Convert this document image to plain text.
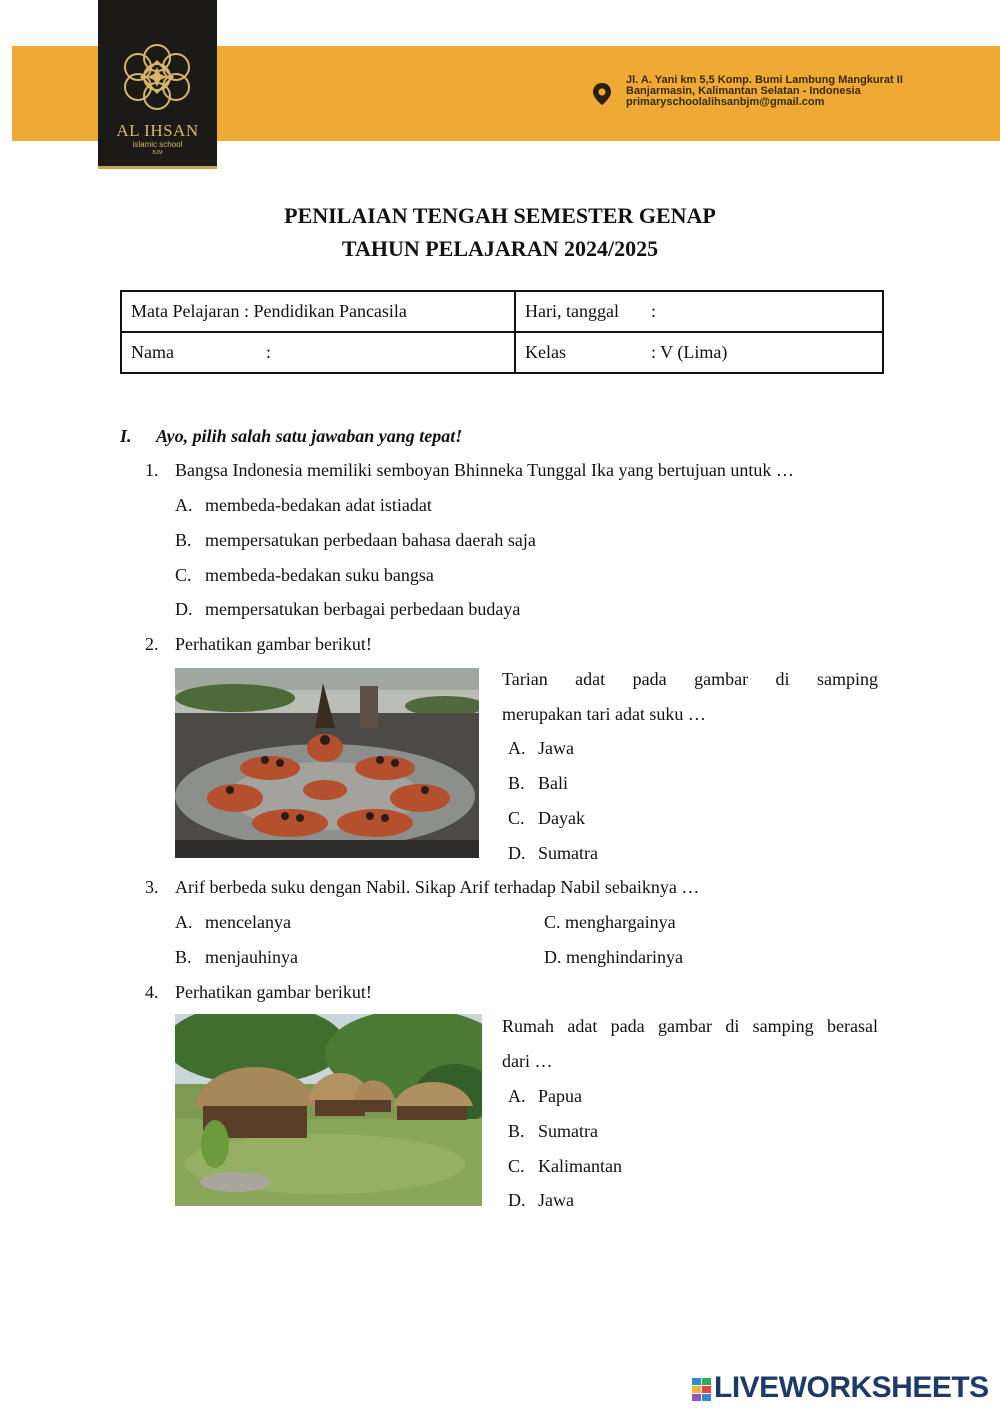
AL IHSAN
islamic school
BJM
Jl. A. Yani km 5,5 Komp. Bumi Lambung Mangkurat II
Banjarmasin, Kalimantan Selatan - Indonesia
primaryschoolalihsanbjm@gmail.com
PENILAIAN TENGAH SEMESTER GENAP
TAHUN PELAJARAN 2024/2025
Mata Pelajaran : Pendidikan Pancasila	Hari, tanggal :
Nama :	Kelas : V (Lima)
I. Ayo, pilih salah satu jawaban yang tepat!
1. Bangsa Indonesia memiliki semboyan Bhinneka Tunggal Ika yang bertujuan untuk …
A. membeda-bedakan adat istiadat
B. mempersatukan perbedaan bahasa daerah saja
C. membeda-bedakan suku bangsa
D. mempersatukan berbagai perbedaan budaya
2. Perhatikan gambar berikut!
Tarian adat pada gambar di samping
merupakan tari adat suku …
A. Jawa
B. Bali
C. Dayak
D. Sumatra
3. Arif berbeda suku dengan Nabil. Sikap Arif terhadap Nabil sebaiknya …
A. mencelanya	C. menghargainya
B. menjauhinya	D. menghindarinya
4. Perhatikan gambar berikut!
Rumah adat pada gambar di samping berasal
dari …
A. Papua
B. Sumatra
C. Kalimantan
D. Jawa
LIVEWORKSHEETS
